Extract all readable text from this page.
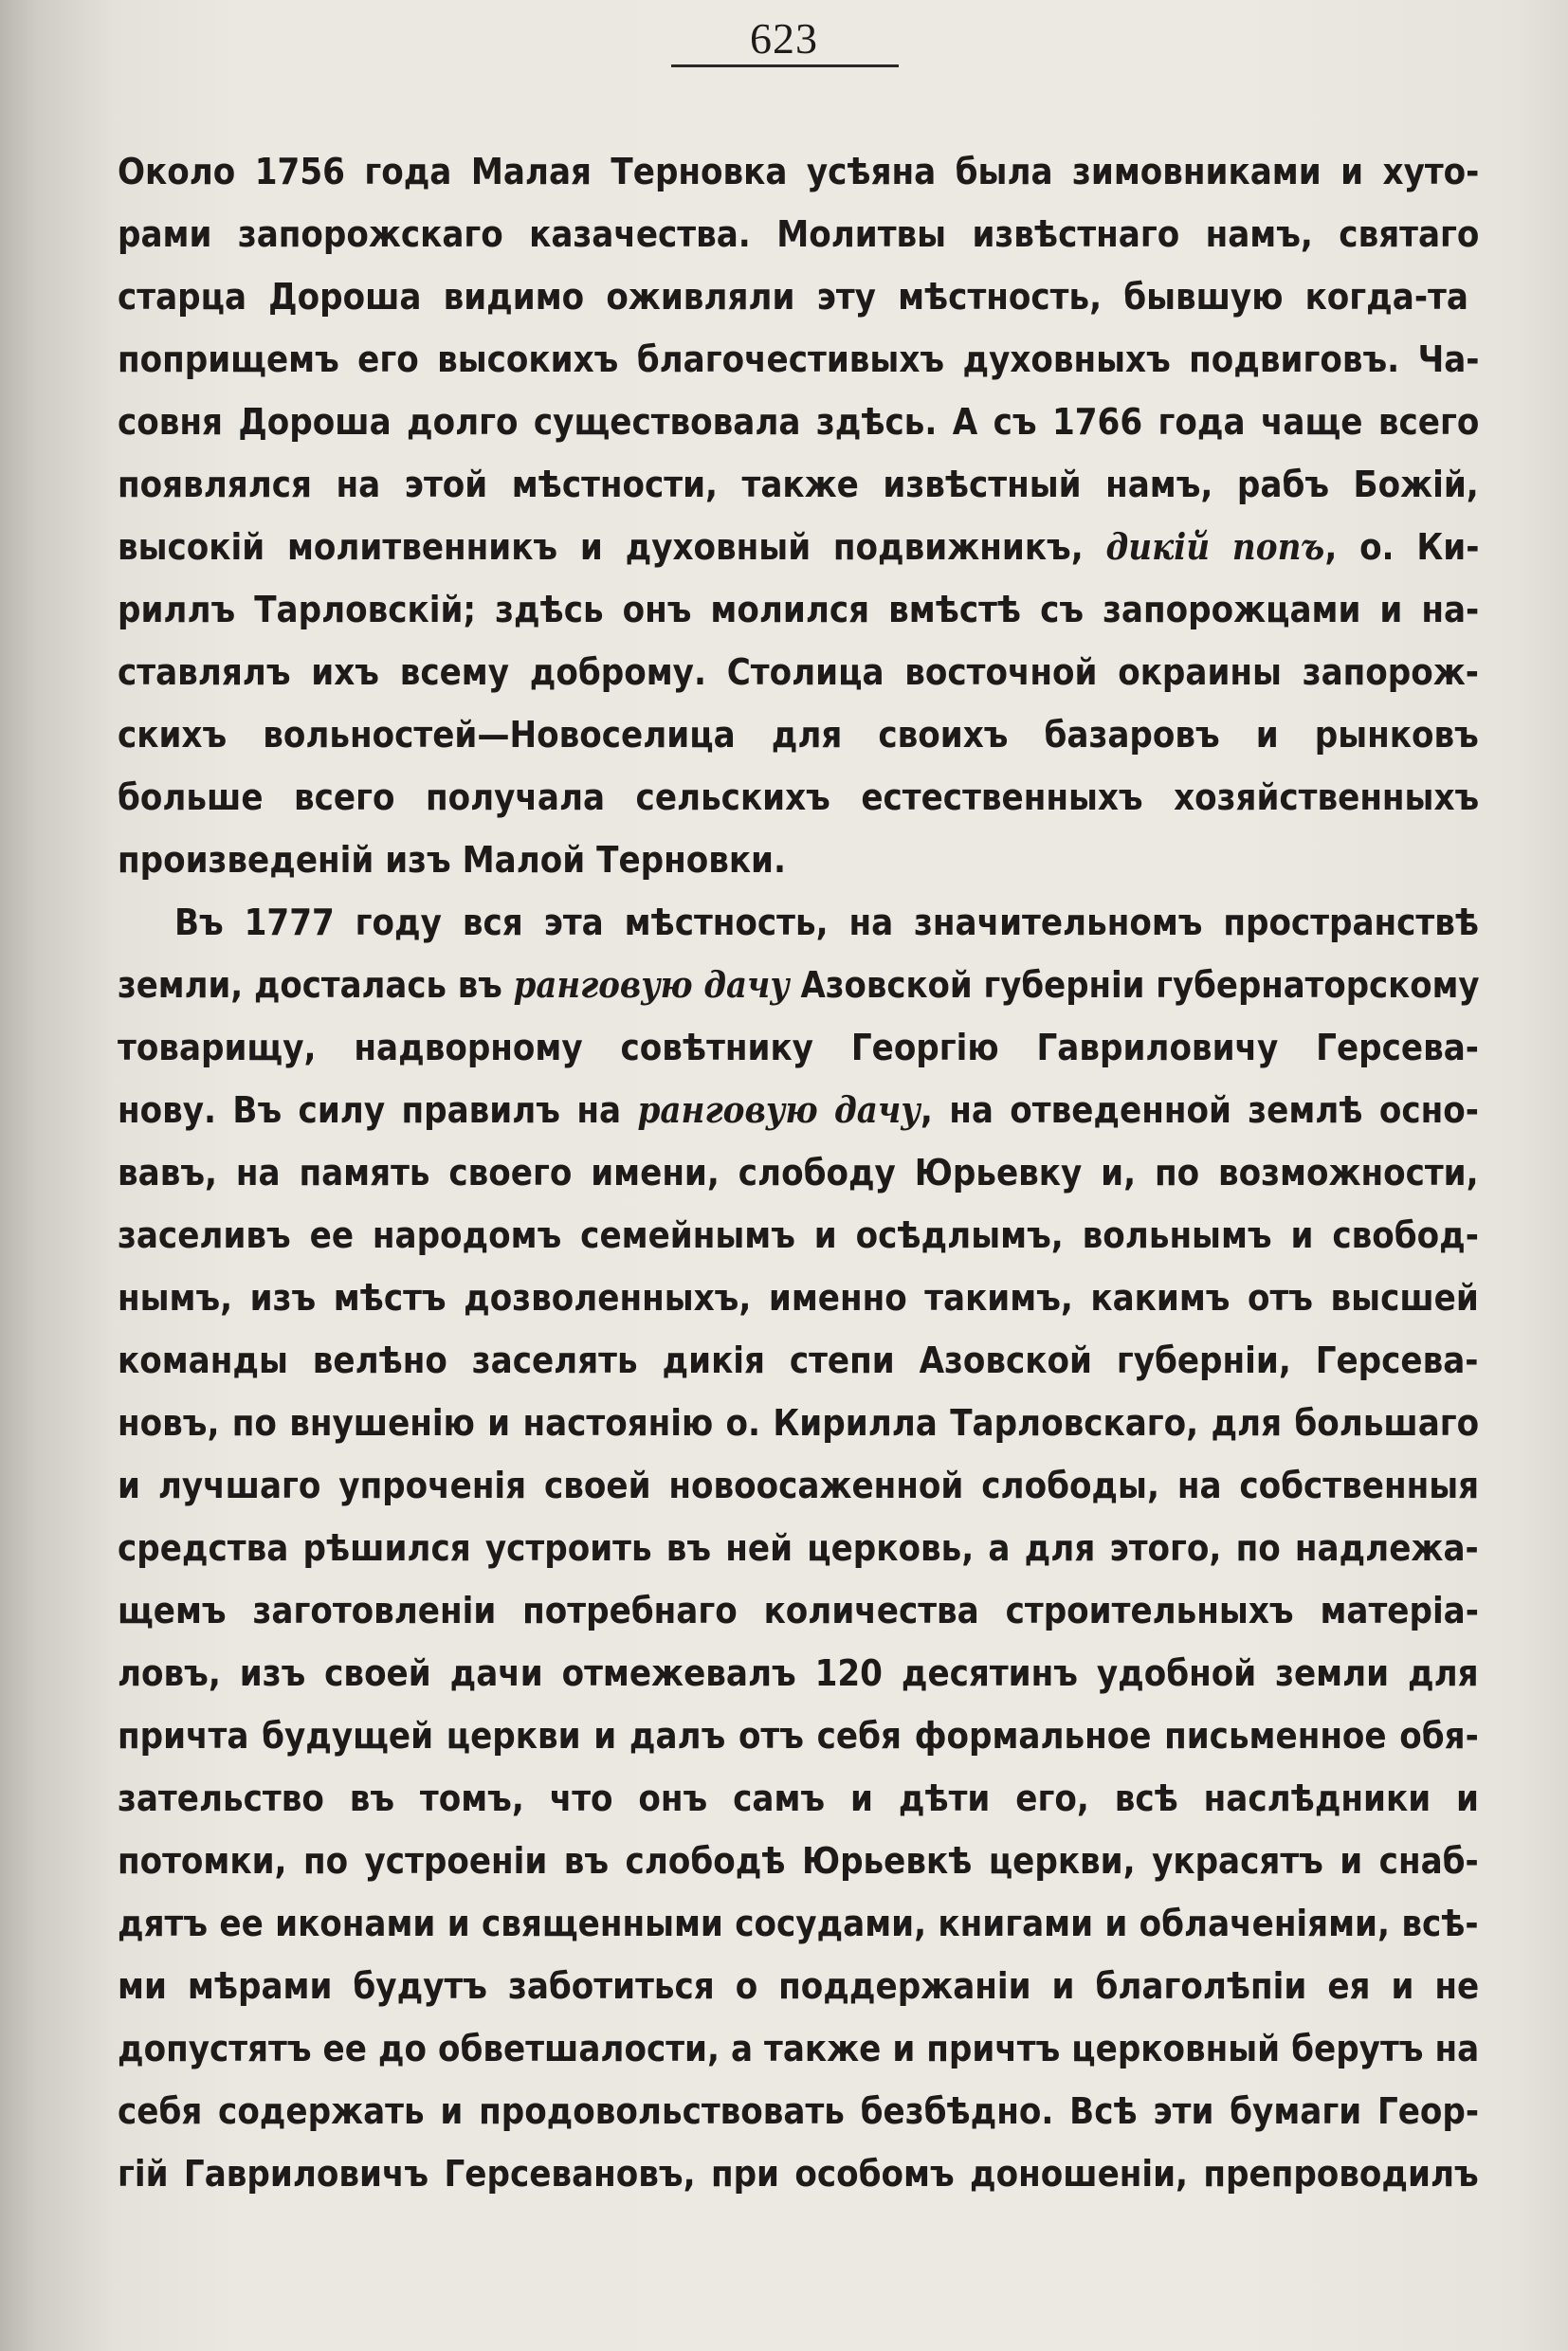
623
Около 1756 года Малая Терновка усѣяна была зимовниками и хуто-
рами запорожскаго казачества. Молитвы извѣстнаго намъ, святаго
старца Дороша видимо оживляли эту мѣстность, бывшую когда-та
поприщемъ его высокихъ благочестивыхъ духовныхъ подвиговъ. Ча-
совня Дороша долго существовала здѣсь. А съ 1766 года чаще всего
появлялся на этой мѣстности, также извѣстный намъ, рабъ Божій,
высокій молитвенникъ и духовный подвижникъ, дикій попъ, о. Ки-
риллъ Тарловскій; здѣсь онъ молился вмѣстѣ съ запорожцами и на-
ставлялъ ихъ всему доброму. Столица восточной окраины запорож-
скихъ вольностей—Новоселица для своихъ базаровъ и рынковъ
больше всего получала сельскихъ естественныхъ хозяйственныхъ
произведеній изъ Малой Терновки.
Въ 1777 году вся эта мѣстность, на значительномъ пространствѣ
земли, досталась въ ранговую дачу Азовской губерніи губернаторскому
товарищу, надворному совѣтнику Георгію Гавриловичу Герсева-
нову. Въ силу правилъ на ранговую дачу, на отведенной землѣ осно-
вавъ, на память своего имени, слободу Юрьевку и, по возможности,
заселивъ ее народомъ семейнымъ и осѣдлымъ, вольнымъ и свобод-
нымъ, изъ мѣстъ дозволенныхъ, именно такимъ, какимъ отъ высшей
команды велѣно заселять дикія степи Азовской губерніи, Герсева-
новъ, по внушенію и настоянію о. Кирилла Тарловскаго, для большаго
и лучшаго упроченія своей новоосаженной слободы, на собственныя
средства рѣшился устроить въ ней церковь, а для этого, по надлежа-
щемъ заготовленіи потребнаго количества строительныхъ матеріа-
ловъ, изъ своей дачи отмежевалъ 120 десятинъ удобной земли для
причта будущей церкви и далъ отъ себя формальное письменное обя-
зательство въ томъ, что онъ самъ и дѣти его, всѣ наслѣдники и
потомки, по устроеніи въ слободѣ Юрьевкѣ церкви, украсятъ и снаб-
дятъ ее иконами и священными сосудами, книгами и облаченіями, всѣ-
ми мѣрами будутъ заботиться о поддержаніи и благолѣпіи ея и не
допустятъ ее до обветшалости, а также и причтъ церковный берутъ на
себя содержать и продовольствовать безбѣдно. Всѣ эти бумаги Геор-
гій Гавриловичъ Герсевановъ, при особомъ доношеніи, препроводилъ
